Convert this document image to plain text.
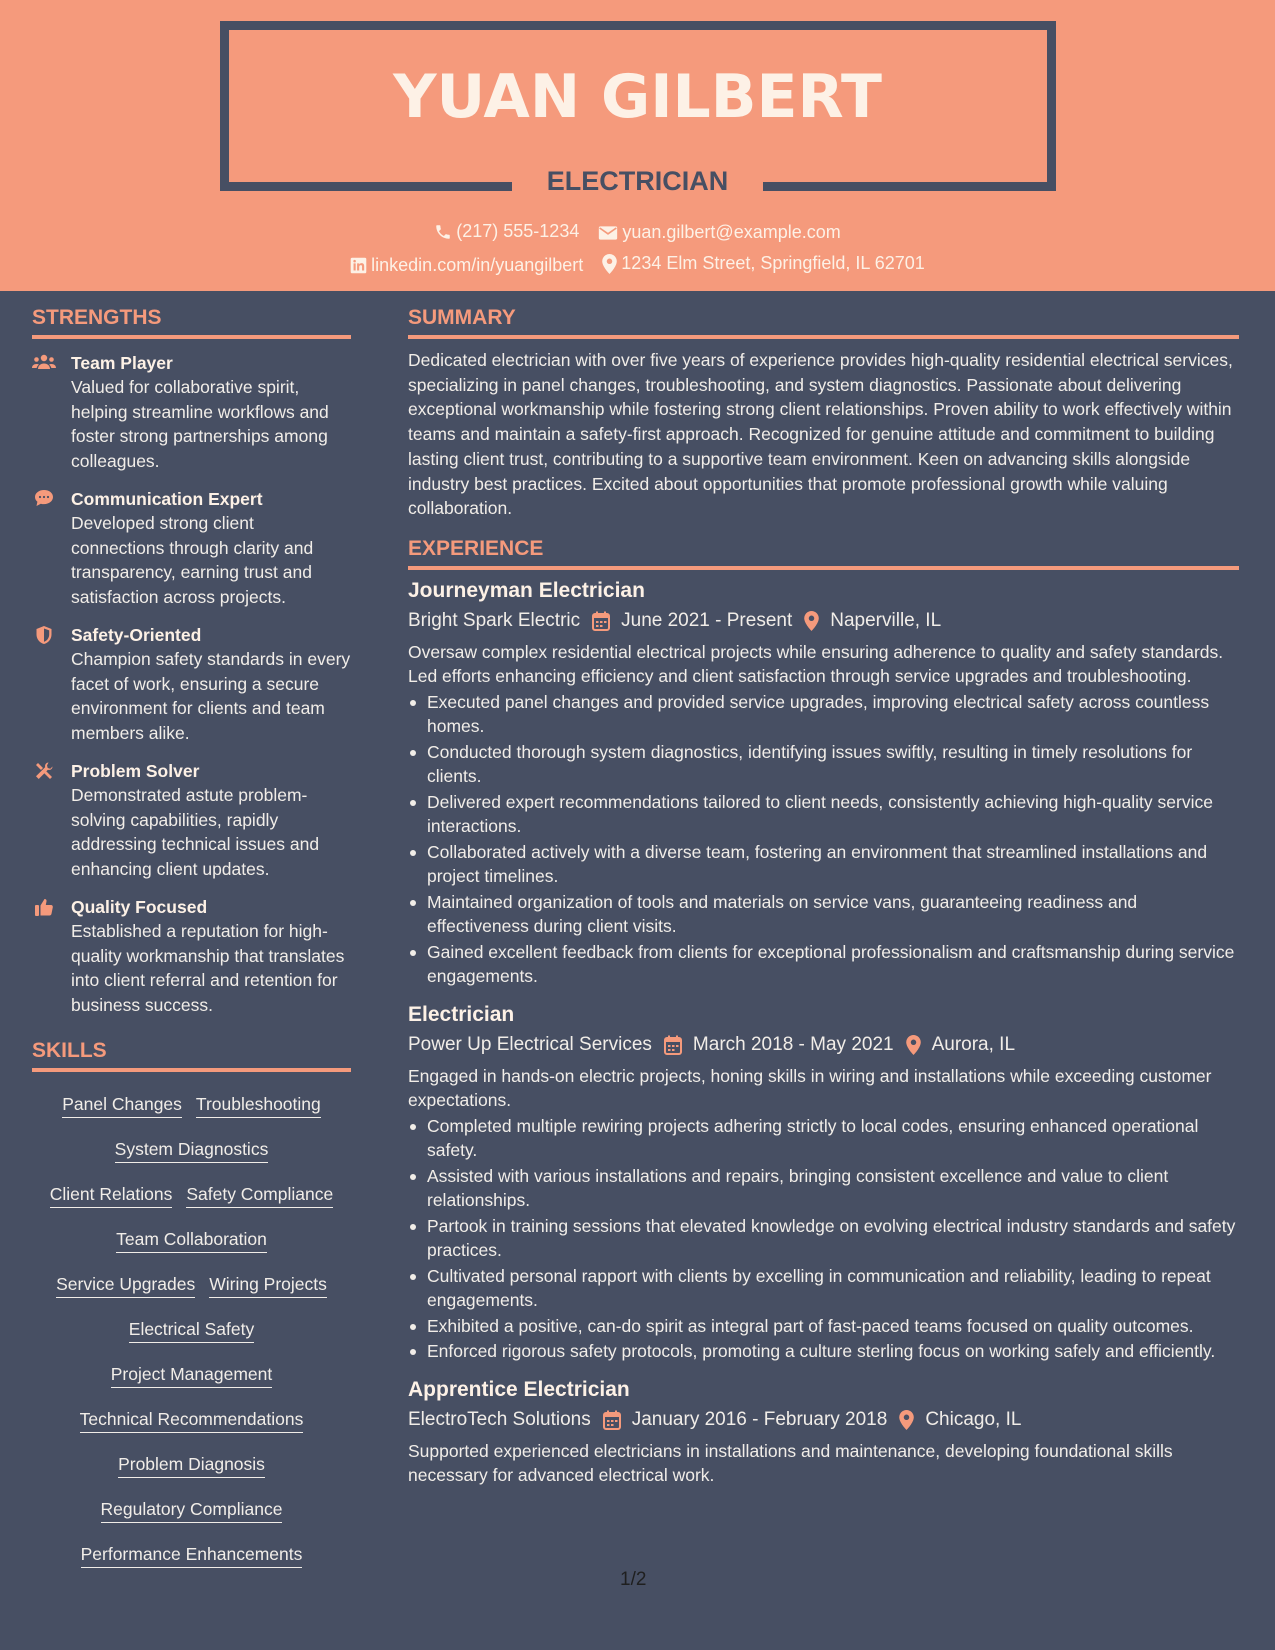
YUAN GILBERT
ELECTRICIAN
(217) 555-1234
yuan.gilbert@example.com
linkedin.com/in/yuangilbert
1234 Elm Street, Springfield, IL 62701
STRENGTHS
Team Player
Valued for collaborative spirit, helping streamline workflows and foster strong partnerships among colleagues.
Communication Expert
Developed strong client connections through clarity and transparency, earning trust and satisfaction across projects.
Safety-Oriented
Champion safety standards in every facet of work, ensuring a secure environment for clients and team members alike.
Problem Solver
Demonstrated astute problem-solving capabilities, rapidly addressing technical issues and enhancing client updates.
Quality Focused
Established a reputation for high-quality workmanship that translates into client referral and retention for business success.
SKILLS
Panel Changes Troubleshooting
System Diagnostics
Client Relations Safety Compliance
Team Collaboration
Service Upgrades Wiring Projects
Electrical Safety
Project Management
Technical Recommendations
Problem Diagnosis
Regulatory Compliance
Performance Enhancements
SUMMARY
Dedicated electrician with over five years of experience provides high-quality residential electrical services, specializing in panel changes, troubleshooting, and system diagnostics. Passionate about delivering exceptional workmanship while fostering strong client relationships. Proven ability to work effectively within teams and maintain a safety-first approach. Recognized for genuine attitude and commitment to building lasting client trust, contributing to a supportive team environment. Keen on advancing skills alongside industry best practices. Excited about opportunities that promote professional growth while valuing collaboration.
EXPERIENCE
Journeyman Electrician
Bright Spark Electric June 2021 - Present Naperville, IL
Oversaw complex residential electrical projects while ensuring adherence to quality and safety standards. Led efforts enhancing efficiency and client satisfaction through service upgrades and troubleshooting.
Executed panel changes and provided service upgrades, improving electrical safety across countless homes.
Conducted thorough system diagnostics, identifying issues swiftly, resulting in timely resolutions for clients.
Delivered expert recommendations tailored to client needs, consistently achieving high-quality service interactions.
Collaborated actively with a diverse team, fostering an environment that streamlined installations and project timelines.
Maintained organization of tools and materials on service vans, guaranteeing readiness and effectiveness during client visits.
Gained excellent feedback from clients for exceptional professionalism and craftsmanship during service engagements.
Electrician
Power Up Electrical Services March 2018 - May 2021 Aurora, IL
Engaged in hands-on electric projects, honing skills in wiring and installations while exceeding customer expectations.
Completed multiple rewiring projects adhering strictly to local codes, ensuring enhanced operational safety.
Assisted with various installations and repairs, bringing consistent excellence and value to client relationships.
Partook in training sessions that elevated knowledge on evolving electrical industry standards and safety practices.
Cultivated personal rapport with clients by excelling in communication and reliability, leading to repeat engagements.
Exhibited a positive, can-do spirit as integral part of fast-paced teams focused on quality outcomes.
Enforced rigorous safety protocols, promoting a culture sterling focus on working safely and efficiently.
Apprentice Electrician
ElectroTech Solutions January 2016 - February 2018 Chicago, IL
Supported experienced electricians in installations and maintenance, developing foundational skills necessary for advanced electrical work.
1/2
